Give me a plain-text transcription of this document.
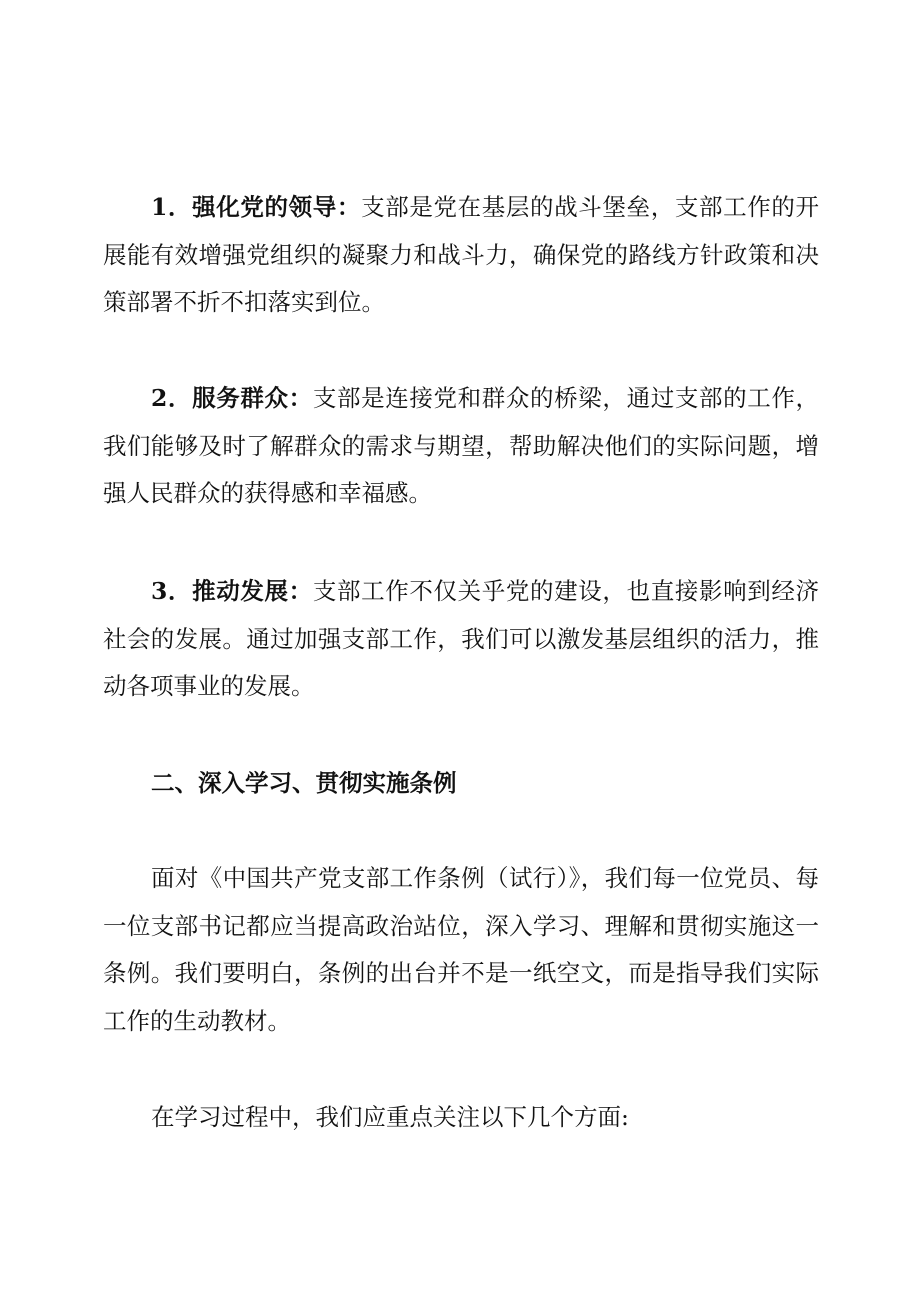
1．强化党的领导：支部是党在基层的战斗堡垒，支部工作的开展能有效增强党组织的凝聚力和战斗力，确保党的路线方针政策和决策部署不折不扣落实到位。

2．服务群众：支部是连接党和群众的桥梁，通过支部的工作，我们能够及时了解群众的需求与期望，帮助解决他们的实际问题，增强人民群众的获得感和幸福感。

3．推动发展：支部工作不仅关乎党的建设，也直接影响到经济社会的发展。通过加强支部工作，我们可以激发基层组织的活力，推动各项事业的发展。

二、深入学习、贯彻实施条例

面对《中国共产党支部工作条例（试行）》，我们每一位党员、每一位支部书记都应当提高政治站位，深入学习、理解和贯彻实施这一条例。我们要明白，条例的出台并不是一纸空文，而是指导我们实际工作的生动教材。

在学习过程中，我们应重点关注以下几个方面:
